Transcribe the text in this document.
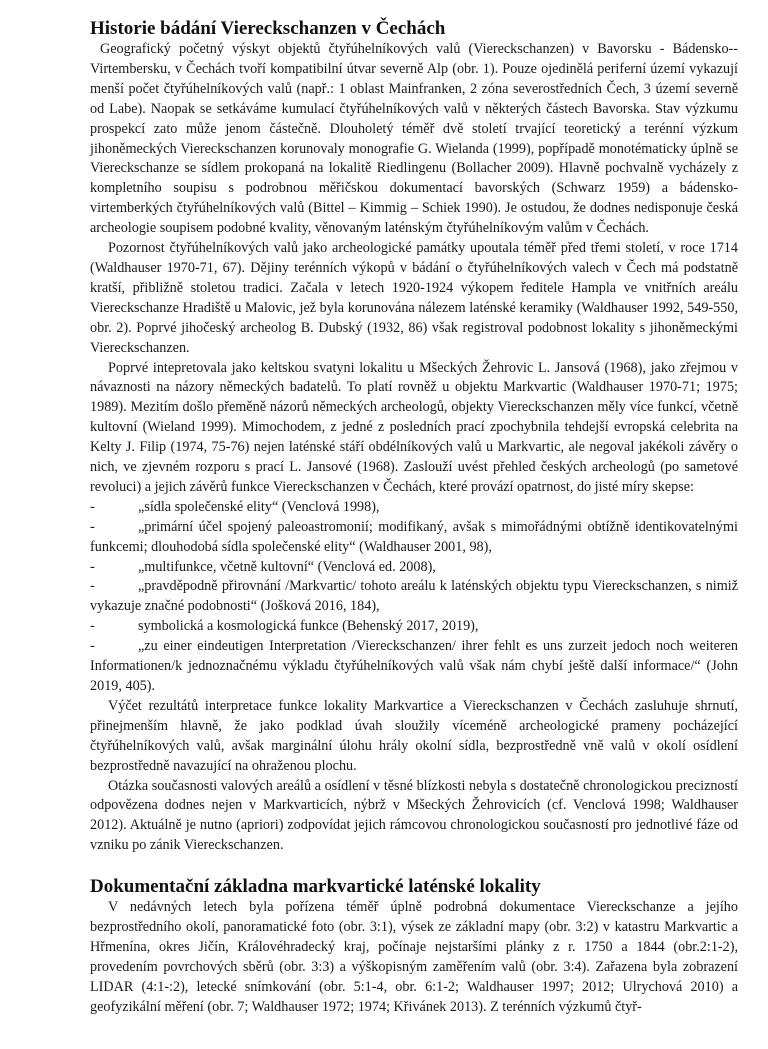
Historie bádání Viereckschanzen v Čechách

Geografický početný výskyt objektů čtyřúhelníkových valů (Viereckschanzen) v Bavorsku - Bádensko--Virtembersku, v Čechách tvoří kompatibilní útvar severně Alp (obr. 1). Pouze ojedinělá periferní území vykazují menší počet čtyřúhelníkových valů (např.: 1 oblast Mainfranken, 2 zóna severostředních Čech, 3 území severně od Labe). Naopak se setkáváme kumulací čtyřúhelníkových valů v některých částech Bavorska. Stav výzkumu prospekcí zato může jenom částečně. Dlouholetý téměř dvě století trvající teoretický a terénní výzkum jihoněmeckých Viereckschanzen korunovaly monografie G. Wielanda (1999), popřípadě monotématicky úplně se Viereckschanze se sídlem prokopaná na lokalitě Riedlingenu (Bollacher 2009). Hlavně pochvalně vycházely z kompletního soupisu s podrobnou měřičskou dokumentací bavorských (Schwarz 1959) a bádensko-virtemberkých čtyřúhelníkových valů (Bittel – Kimmig – Schiek 1990). Je ostudou, že dodnes nedisponuje česká archeologie soupisem podobné kvality, věnovaným laténským čtyřúhelníkovým valům v Čechách.

Pozornost čtyřúhelníkových valů jako archeologické památky upoutala téměř před třemi století, v roce 1714 (Waldhauser 1970-71, 67). Dějiny terénních výkopů v bádání o čtyřúhelníkových valech v Čech má podstatně kratší, přibližně stoletou tradici. Začala v letech 1920-1924 výkopem ředitele Hampla ve vnitřních areálu Viereckschanze Hradiště u Malovic, jež byla korunována nálezem laténské keramiky (Waldhauser 1992, 549-550, obr. 2). Poprvé jihočeský archeolog B. Dubský (1932, 86) však registroval podobnost lokality s jihoněmeckými Viereckschanzen.

Poprvé intepretovala jako keltskou svatyni lokalitu u Mšeckých Žehrovic L. Jansová (1968), jako zřejmou v návaznosti na názory německých badatelů. To platí rovněž u objektu Markvartic (Waldhauser 1970-71; 1975; 1989). Mezitím došlo přeměně názorů německých archeologů, objekty Viereckschanzen měly více funkcí, včetně kultovní (Wieland 1999). Mimochodem, z jedné z posledních prací zpochybnila tehdejší evropská celebrita na Kelty J. Filip (1974, 75-76) nejen laténské stáří obdélníkových valů u Markvartic, ale negoval jakékoli závěry o nich, ve zjevném rozporu s prací L. Jansové (1968). Zaslouží uvést přehled českých archeologů (po sametové revoluci) a jejich závěrů funkce Viereckschanzen v Čechách, které provází opatrnost, do jisté míry skepse:

-	„sídla společenské elity“ (Venclová 1998),

-	„primární účel spojený paleoastromonií; modifikaný, avšak s mimořádnými obtížně identikovatelnými funkcemi; dlouhodobá sídla společenské elity“ (Waldhauser 2001, 98),

-	„multifunkce, včetně kultovní“ (Venclová ed. 2008),

-	„pravděpodně přirovnání /Markvartic/ tohoto areálu k laténských objektu typu Viereckschanzen, s nimiž vykazuje značné podobnosti“ (Jošková 2016, 184),

-	symbolická a kosmologická funkce (Behenský 2017, 2019),

-	„zu einer eindeutigen Interpretation /Viereckschanzen/ ihrer fehlt es uns zurzeit jedoch noch weiteren Informationen/k jednoznačnému výkladu čtyřúhelníkových valů však nám chybí ještě další informace/“ (John 2019, 405).

Výčet rezultátů interpretace funkce lokality Markvartice a Viereckschanzen v Čechách zasluhuje shrnutí, přinejmenším hlavně, že jako podklad úvah sloužily víceméně archeologické prameny pocházející čtyřúhelníkových valů, avšak marginální úlohu hrály okolní sídla, bezprostředně vně valů v okolí osídlení bezprostředně navazující na ohraženou plochu.

Otázka současnosti valových areálů a osídlení v těsné blízkosti nebyla s dostatečně chronologickou precizností odpovězena dodnes nejen v Markvarticích, nýbrž v Mšeckých Žehrovicích (cf. Venclová 1998; Waldhauser 2012). Aktuálně je nutno (apriori) zodpovídat jejich rámcovou chronologickou současností pro jednotlivé fáze od vzniku po zánik Viereckschanzen.

Dokumentační základna markvartické laténské lokality

V nedávných letech byla pořízena téměř úplně podrobná dokumentace Viereckschanze a jejího bezprostředního okolí, panoramatické foto (obr. 3:1), výsek ze základní mapy (obr. 3:2) v katastru Markvartic a Hřmenína, okres Jičín, Královéhradecký kraj, počínaje nejstaršími plánky z r. 1750 a 1844 (obr.2:1-2), provedením povrchových sběrů (obr. 3:3) a výškopisným zaměřením valů (obr. 3:4). Zařazena byla zobrazení LIDAR (4:1-:2), letecké snímkování (obr. 5:1-4, obr. 6:1-2; Waldhauser 1997; 2012; Ulrychová 2010) a geofyzikální měření (obr. 7; Waldhauser 1972; 1974; Křivánek 2013). Z terénních výzkumů čtyř-
